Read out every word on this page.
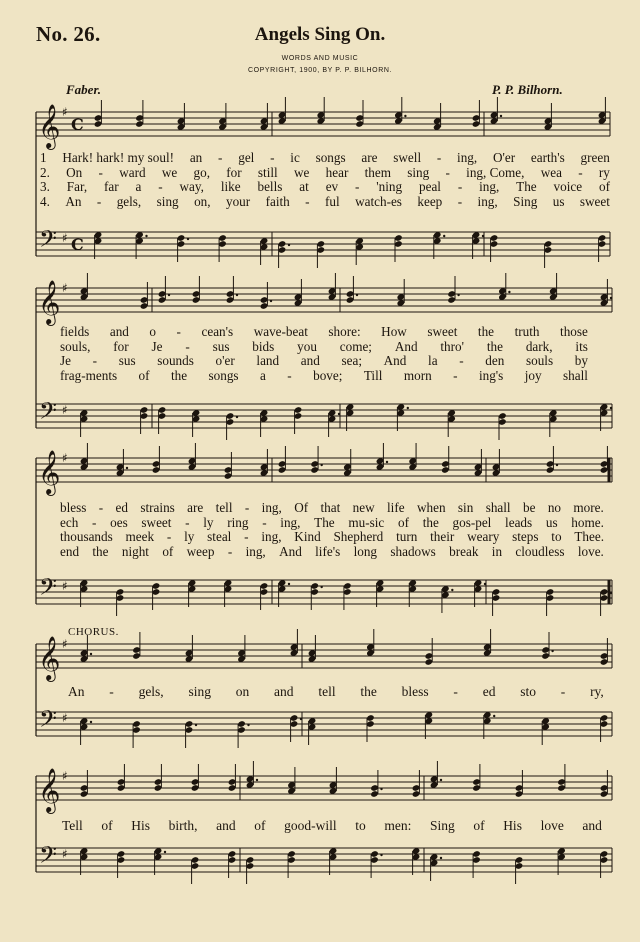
No. 26.	Angels Sing On.
WORDS AND MUSIC
COPYRIGHT, 1900, BY P. P. BILHORN.
Faber.	P. P. Bilhorn.
𝄞
𝄢
♯
♯
C
C
𝄞
𝄢
♯
♯
𝄞
𝄢
♯
♯
𝄞
𝄢
♯
♯
𝄞
𝄢
♯
♯
1 Hark! hark! my soul! an - gel - ic songs are swell - ing, O'er earth's green
2. On - ward we go, for still we hear them sing - ing, Come, wea - ry
3. Far, far a - way, like bells at ev - 'ning peal - ing, The voice of
4. An - gels, sing on, your faith - ful watch-es keep - ing, Sing us sweet
fields and o - cean's wave-beat shore: How sweet the truth those
souls, for Je - sus bids you come; And thro' the dark, its
Je - sus sounds o'er land and sea; And la - den souls by
frag-ments of the songs a - bove; Till morn - ing's joy shall
bless - ed strains are tell - ing, Of that new life when sin shall be no more.
ech - oes sweet - ly ring - ing, The mu-sic of the gos-pel leads us home.
thousands meek - ly steal - ing, Kind Shepherd turn their weary steps to Thee.
end the night of weep - ing, And life's long shadows break in cloudless love.
CHORUS.
An - gels, sing on and tell the bless - ed sto - ry,
Tell of His birth, and of good-will to men: Sing of His love and
